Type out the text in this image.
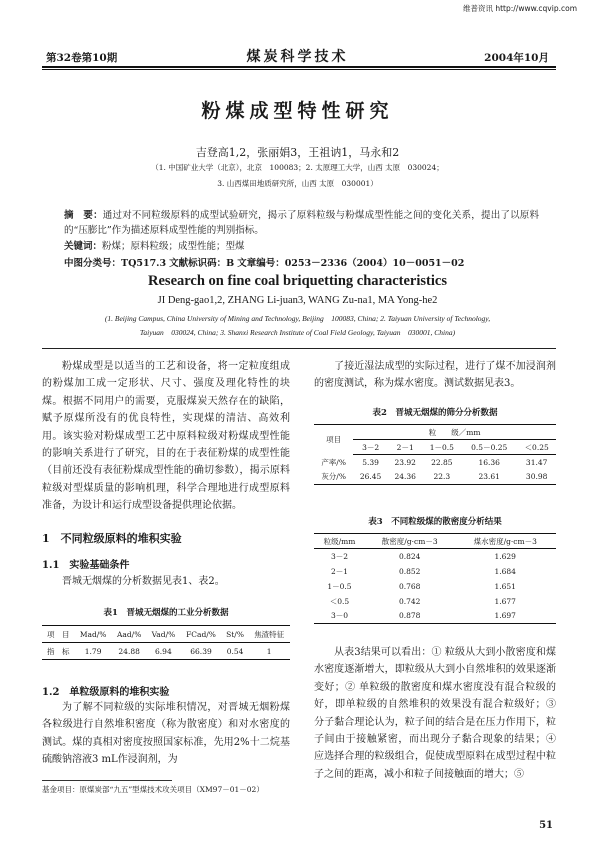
维普资讯 http://www.cqvip.com
第32卷第10期	煤炭科学技术	2004年10月
粉煤成型特性研究
吉登高1,2，张丽娟3，王祖讷1，马永和2
（1. 中国矿业大学（北京），北京　100083；2. 太原理工大学，山西 太原　030024；
3. 山西煤田地质研究所，山西 太原　030001）

摘　要：通过对不同粒级原料的成型试验研究，揭示了原料粒级与粉煤成型性能之间的变化关系，提出了以原料的“压膨比”作为描述原料成型性能的判别指标。

关键词：粉煤；原料粒级；成型性能；型煤
中图分类号：TQ517.3 文献标识码：B 文章编号：0253－2336（2004）10－0051－02
Research on fine coal briquetting characteristics
JI Deng-gao1,2, ZHANG Li-juan3, WANG Zu-na1, MA Yong-he2
(1. Beijing Campus, China University of Mining and Technology, Beijing　100083, China; 2. Taiyuan University of Technology,
Taiyuan　030024, China; 3. Shanxi Research Institute of Coal Field Geology, Taiyuan　030001, China)

粉煤成型是以适当的工艺和设备，将一定粒度组成的粉煤加工成一定形状、尺寸、强度及理化特性的块煤。根据不同用户的需要，克服煤炭天然存在的缺陷，赋予原煤所没有的优良特性，实现煤的清洁、高效利用。该实验对粉煤成型工艺中原料粒级对粉煤成型性能的影响关系进行了研究，目的在于表征粉煤的成型性能（目前还没有表征粉煤成型性能的确切参数），揭示原料粒级对型煤质量的影响机理，科学合理地进行成型原料准备，为设计和运行成型设备提供理论依据。

1　不同粒级原料的堆积实验
1.1　实验基础条件

晋城无烟煤的分析数据见表1、表2。

表1　晋城无烟煤的工业分析数据
项　目	Mad/%	Aad/%	Vad/%	FCad/%	St/%	焦渣特征
指　标	1.79	24.88	6.94	66.39	0.54	1
1.2　单粒级原料的堆积实验

为了解不同粒级的实际堆积情况，对晋城无烟粉煤各粒级进行自然堆积密度（称为散密度）和对水密度的测试。煤的真相对密度按照国家标准，先用2%十二烷基硫酸钠溶液3 mL作浸润剂，为

基金项目：原煤炭部“九五”型煤技术攻关项目（XM97－01－02）

了接近湿法成型的实际过程，进行了煤不加浸润剂的密度测试，称为煤水密度。测试数据见表3。

表2　晋城无烟煤的筛分分析数据
项目	粒　　级／mm				
	3－2	2－1	1－0.5	0.5－0.25	＜0.25
产率/%	5.39	23.92	22.85	16.36	31.47
灰分/%	26.45	24.36	22.3	23.61	30.98
表3　不同粒级煤的散密度分析结果
粒级/mm	散密度/g·cm－3	煤水密度/g·cm－3
3－2	0.824	1.629
2－1	0.852	1.684
1－0.5	0.768	1.651
＜0.5	0.742	1.677
3－0	0.878	1.697

从表3结果可以看出：① 粒级从大到小散密度和煤水密度逐渐增大，即粒级从大到小自然堆积的效果逐渐变好；② 单粒级的散密度和煤水密度没有混合粒级的好，即单粒级的自然堆积的效果没有混合粒级好；③ 分子黏合理论认为，粒子间的结合是在压力作用下，粒子间由于接触紧密，而出现分子黏合现象的结果；④ 应选择合理的粒级组合，促使成型原料在成型过程中粒子之间的距离，减小和粒子间接触面的增大；⑤

51
